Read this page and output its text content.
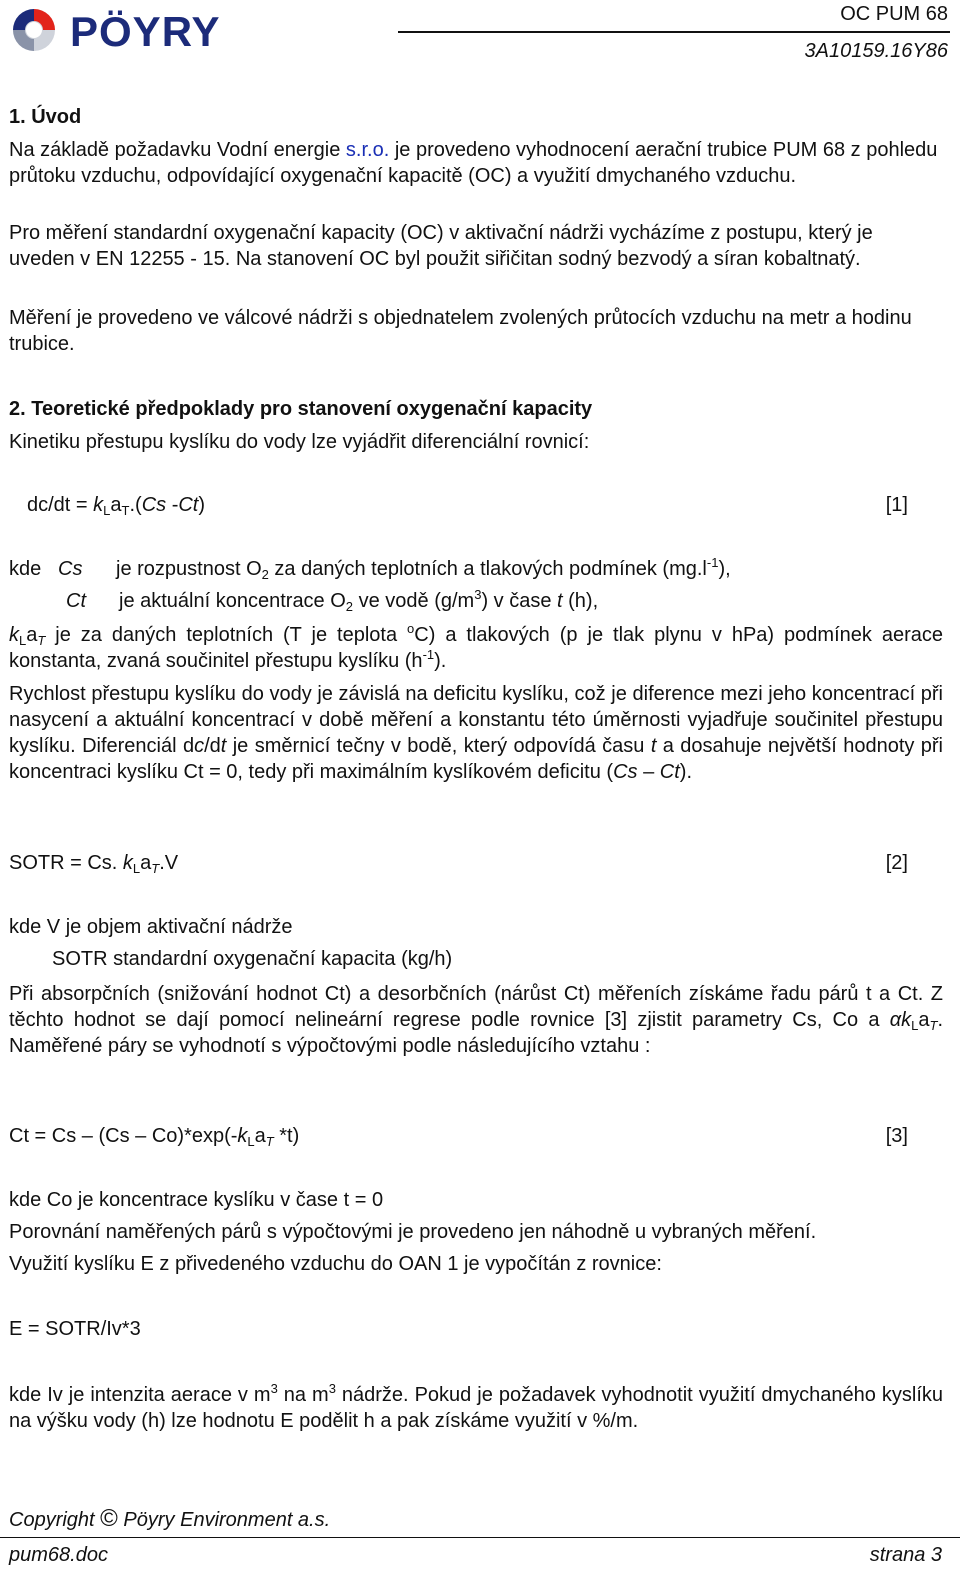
PÖYRY	OC PUM 68
3A10159.16Y86
1. Úvod
Na základě požadavku Vodní energie s.r.o. je provedeno vyhodnocení aerační trubice PUM 68 z pohledu průtoku vzduchu, odpovídající oxygenační kapacitě (OC) a využití dmychaného vzduchu.
Pro měření standardní oxygenační kapacity (OC) v aktivační nádrži vycházíme z postupu, který je uveden v EN 12255 - 15. Na stanovení OC byl použit siřičitan sodný bezvodý a síran kobaltnatý.
Měření je provedeno ve válcové nádrži s objednatelem zvolených průtocích vzduchu na metr a hodinu trubice.
2. Teoretické předpoklady pro stanovení oxygenační kapacity
Kinetiku přestupu kyslíku do vody lze vyjádřit diferenciální rovnicí:
$dc/dt = k_La_T.(Cs$ -Ct)	[1]
kde Cs je rozpustnost $O_2$ za daných teplotních a tlakových podmínek $(mg.l^{-1})$,
Ct je aktuální koncentrace $O_2$ ve vodě $(g/m^3)$ v čase t (h),
$k_La_T$ je za daných teplotních (T je teplota $^o$C) a tlakových (p je tlak plynu v hPa) podmínek aerace konstanta, zvaná součinitel přestupu kyslíku $(h^{-1})$.
Rychlost přestupu kyslíku do vody je závislá na deficitu kyslíku, což je diference mezi jeho koncentrací při nasycení a aktuální koncentrací v době měření a konstantu této úměrnosti vyjadřuje součinitel přestupu kyslíku. Diferenciál dc/dt je směrnicí tečny v bodě, který odpovídá času t a dosahuje největší hodnoty při koncentraci kyslíku Ct = 0, tedy při maximálním kyslíkovém deficitu (Cs – Ct).
SOTR = Cs. $k_La_T.V$	[2]
kde V je objem aktivační nádrže
SOTR standardní oxygenační kapacita (kg/h)
Při absorpčních (snižování hodnot Ct) a desorbčních (nárůst Ct) měřeních získáme řadu párů t a Ct. Z těchto hodnot se dají pomocí nelineární regrese podle rovnice [3] zjistit parametry Cs, Co a $\alpha k_La_T$. Naměřené páry se vyhodnotí s výpočtovými podle následujícího vztahu :
$Ct = Cs - (Cs - Co)*\exp(-k_La_T$ *t)	[3]
kde Co je koncentrace kyslíku v čase t = 0
Porovnání naměřených párů s výpočtovými je provedeno jen náhodně u vybraných měření.
Využití kyslíku E z přivedeného vzduchu do OAN 1 je vypočítán z rovnice:
E = SOTR/Iv*3
kde Iv je intenzita aerace v $m^3$ na $m^3$ nádrže. Pokud je požadavek vyhodnotit využití dmychaného kyslíku na výšku vody (h) lze hodnotu E podělit h a pak získáme využití v %/m.
Copyright © Pöyry Environment a.s.
pum68.doc	strana 3
